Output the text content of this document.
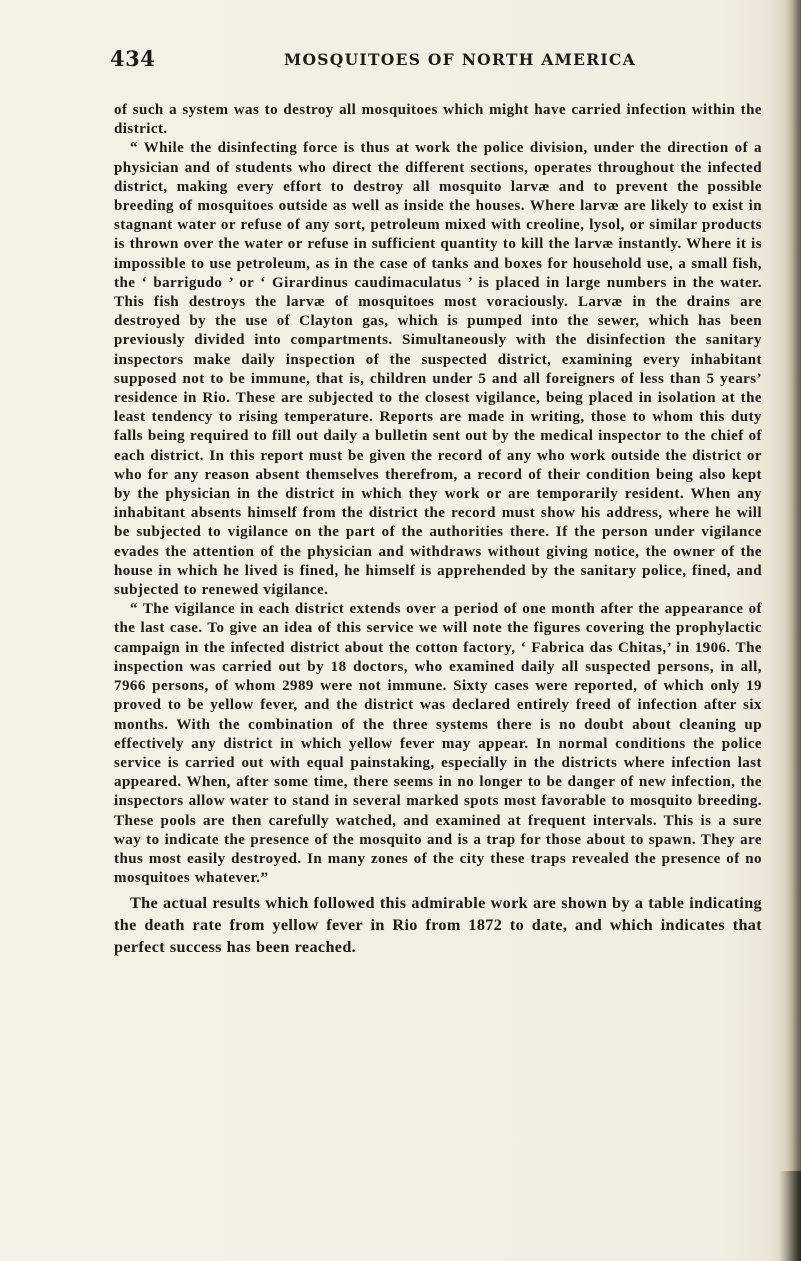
434	MOSQUITOES OF NORTH AMERICA

of such a system was to destroy all mosquitoes which might have carried infection within the district.

“ While the disinfecting force is thus at work the police division, under the direction of a physician and of students who direct the different sections, operates throughout the infected district, making every effort to destroy all mosquito larvæ and to prevent the possible breeding of mosquitoes outside as well as inside the houses. Where larvæ are likely to exist in stagnant water or refuse of any sort, petroleum mixed with creoline, lysol, or similar products is thrown over the water or refuse in sufficient quantity to kill the larvæ instantly. Where it is impossible to use petroleum, as in the case of tanks and boxes for household use, a small fish, the ‘ barrigudo ’ or ‘ Girardinus caudimaculatus ’ is placed in large numbers in the water. This fish destroys the larvæ of mosquitoes most voraciously. Larvæ in the drains are destroyed by the use of Clayton gas, which is pumped into the sewer, which has been previously divided into compartments. Simultaneously with the disinfection the sanitary inspectors make daily inspection of the suspected district, examining every inhabitant supposed not to be immune, that is, children under 5 and all foreigners of less than 5 years’ residence in Rio. These are subjected to the closest vigilance, being placed in isolation at the least tendency to rising temperature. Reports are made in writing, those to whom this duty falls being required to fill out daily a bulletin sent out by the medical inspector to the chief of each district. In this report must be given the record of any who work outside the district or who for any reason absent themselves therefrom, a record of their condition being also kept by the physician in the district in which they work or are temporarily resident. When any inhabitant absents himself from the district the record must show his address, where he will be subjected to vigilance on the part of the authorities there. If the person under vigilance evades the attention of the physician and withdraws without giving notice, the owner of the house in which he lived is fined, he himself is apprehended by the sanitary police, fined, and subjected to renewed vigilance.

“ The vigilance in each district extends over a period of one month after the appearance of the last case. To give an idea of this service we will note the figures covering the prophylactic campaign in the infected district about the cotton factory, ‘ Fabrica das Chitas,’ in 1906. The inspection was carried out by 18 doctors, who examined daily all suspected persons, in all, 7966 persons, of whom 2989 were not immune. Sixty cases were reported, of which only 19 proved to be yellow fever, and the district was declared entirely freed of infection after six months. With the combination of the three systems there is no doubt about cleaning up effectively any district in which yellow fever may appear. In normal conditions the police service is carried out with equal painstaking, especially in the districts where infection last appeared. When, after some time, there seems in no longer to be danger of new infection, the inspectors allow water to stand in several marked spots most favorable to mosquito breeding. These pools are then carefully watched, and examined at frequent intervals. This is a sure way to indicate the presence of the mosquito and is a trap for those about to spawn. They are thus most easily destroyed. In many zones of the city these traps revealed the presence of no mosquitoes whatever.”

The actual results which followed this admirable work are shown by a table indicating the death rate from yellow fever in Rio from 1872 to date, and which indicates that perfect success has been reached.
